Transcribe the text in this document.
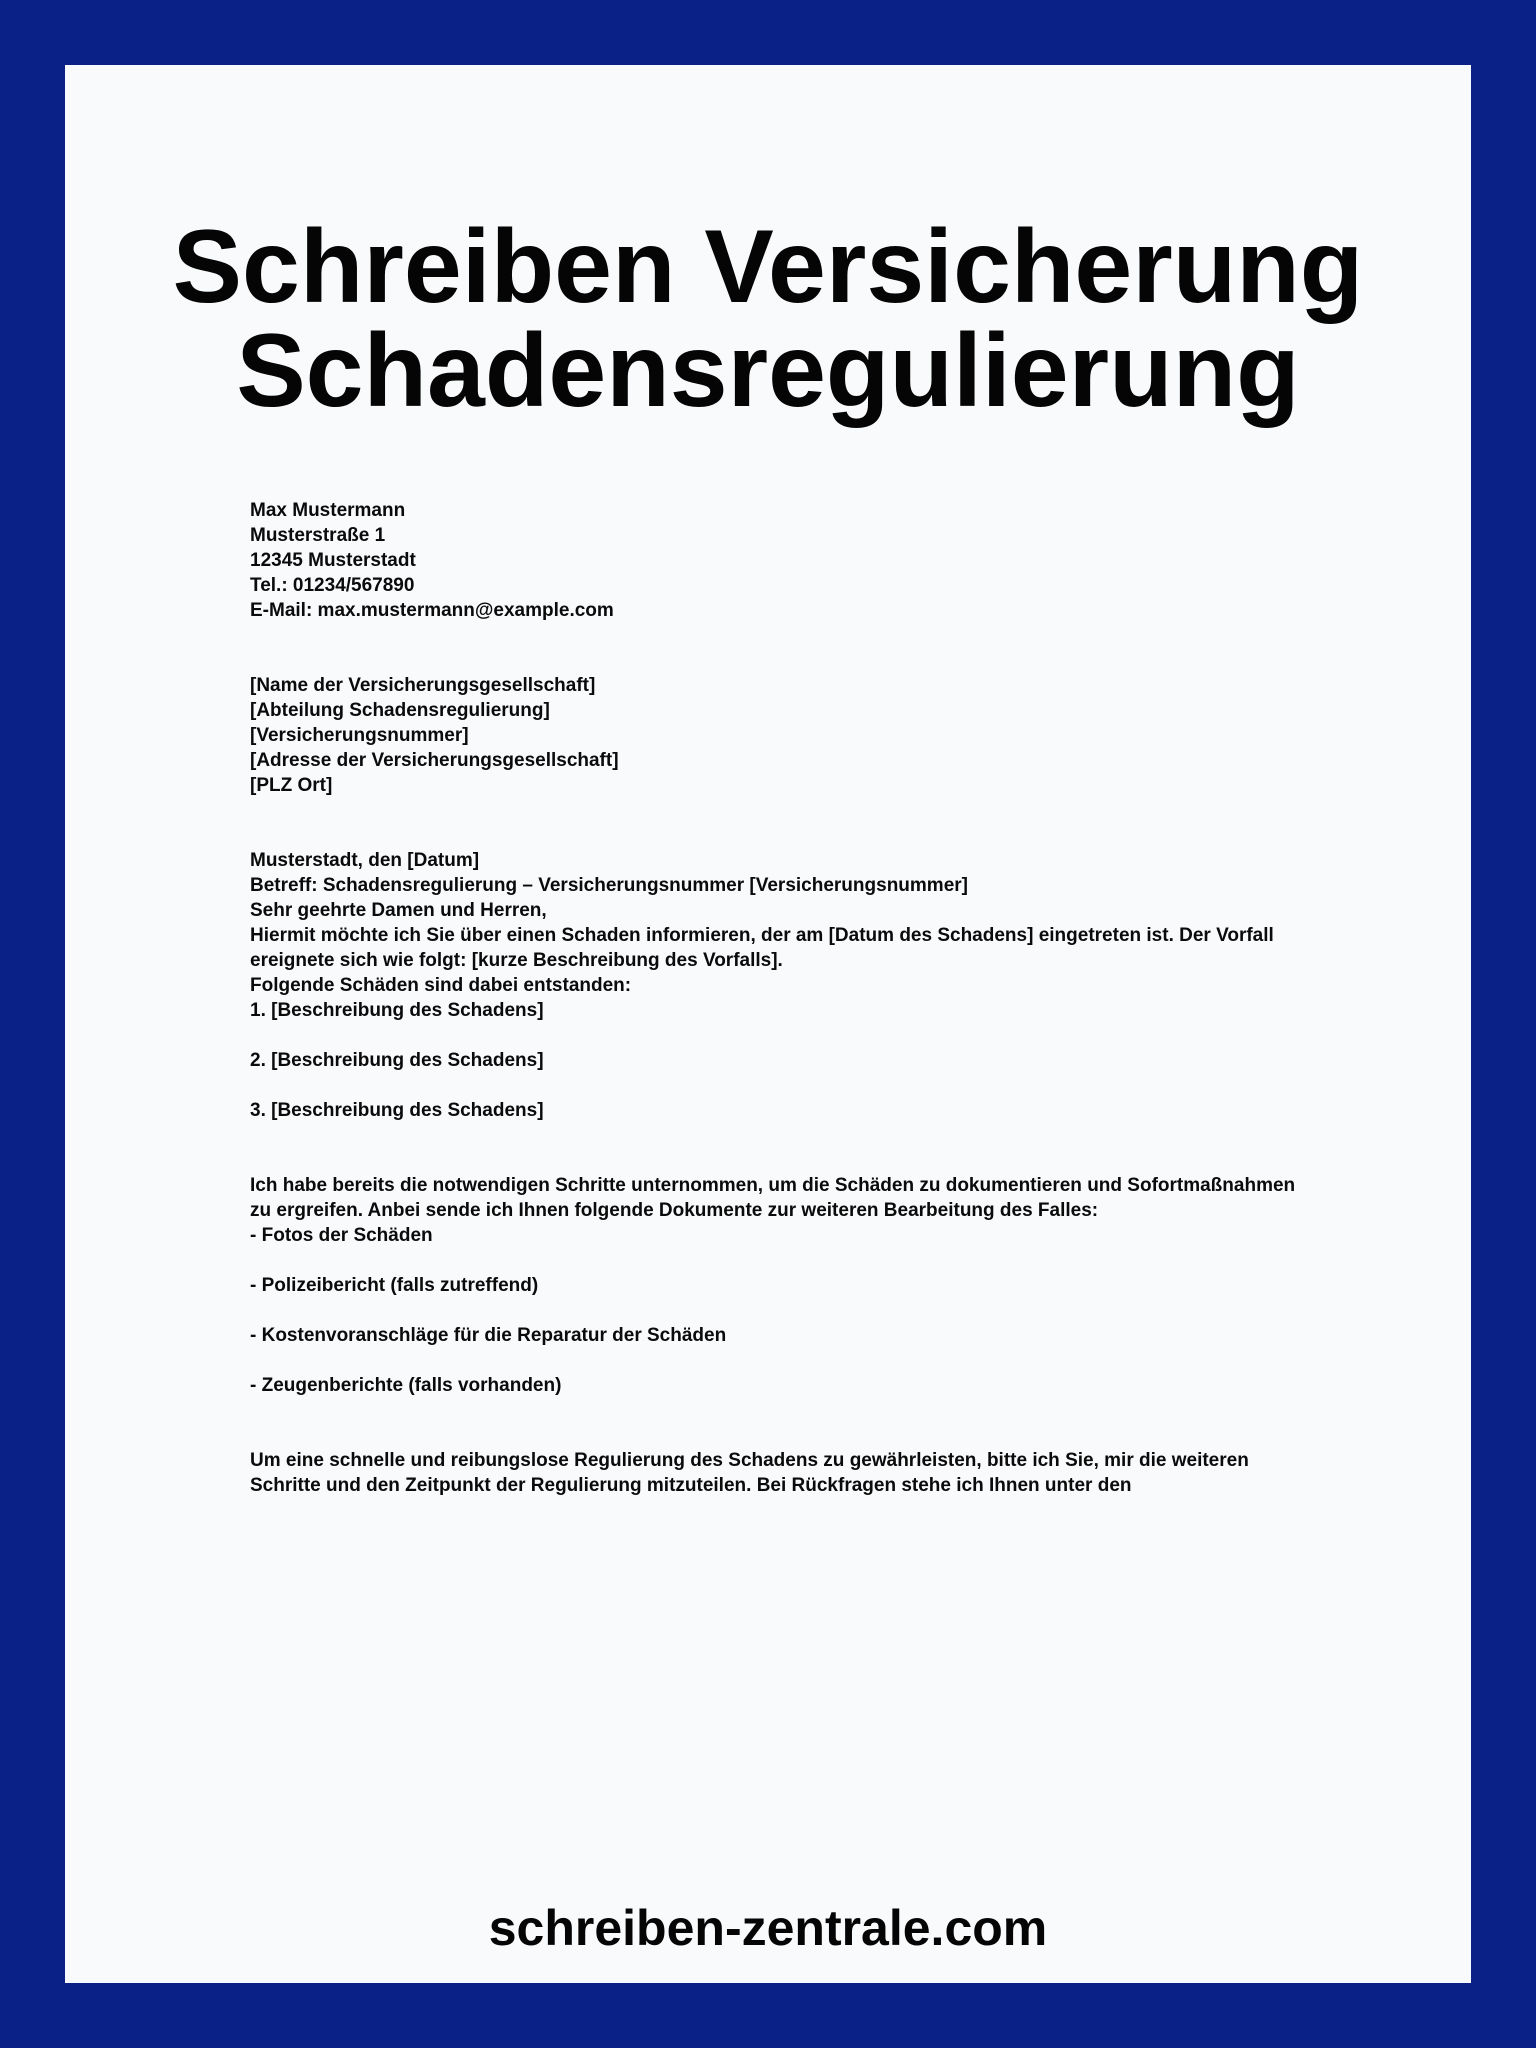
Schreiben Versicherung
Schadensregulierung

Max Mustermann

Musterstraße 1

12345 Musterstadt

Tel.: 01234/567890

E-Mail: max.mustermann@example.com

[Name der Versicherungsgesellschaft]

[Abteilung Schadensregulierung]

[Versicherungsnummer]

[Adresse der Versicherungsgesellschaft]

[PLZ Ort]

Musterstadt, den [Datum]

Betreff: Schadensregulierung – Versicherungsnummer [Versicherungsnummer]

Sehr geehrte Damen und Herren,

Hiermit möchte ich Sie über einen Schaden informieren, der am [Datum des Schadens] eingetreten ist. Der Vorfall ereignete sich wie folgt: [kurze Beschreibung des Vorfalls].

Folgende Schäden sind dabei entstanden:

1. [Beschreibung des Schadens]

2. [Beschreibung des Schadens]

3. [Beschreibung des Schadens]

Ich habe bereits die notwendigen Schritte unternommen, um die Schäden zu dokumentieren und Sofortmaßnahmen zu ergreifen. Anbei sende ich Ihnen folgende Dokumente zur weiteren Bearbeitung des Falles:

- Fotos der Schäden

- Polizeibericht (falls zutreffend)

- Kostenvoranschläge für die Reparatur der Schäden

- Zeugenberichte (falls vorhanden)

Um eine schnelle und reibungslose Regulierung des Schadens zu gewährleisten, bitte ich Sie, mir die weiteren Schritte und den Zeitpunkt der Regulierung mitzuteilen. Bei Rückfragen stehe ich Ihnen unter den

schreiben-zentrale.com
